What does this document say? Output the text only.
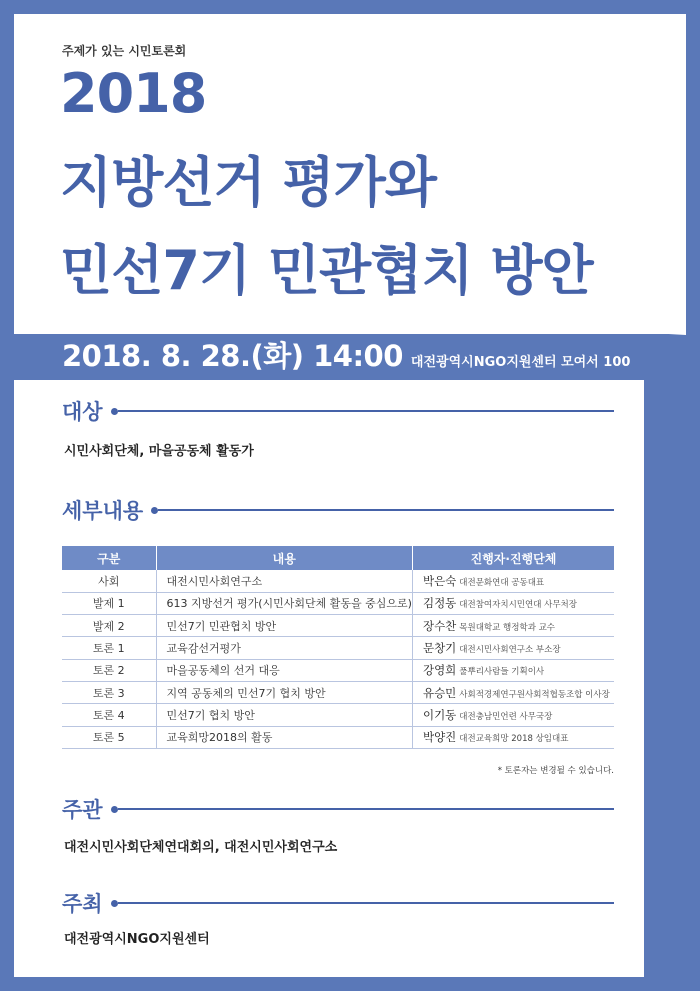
주제가 있는 시민토론회
2018
지방선거 평가와
민선7기 민관협치 방안
2018. 8. 28.(화) 14:00 대전광역시NGO지원센터 모여서 100
대상
시민사회단체, 마을공동체 활동가
세부내용
구분	내용	진행자·진행단체
사회	대전시민사회연구소	박은숙 대전문화연대 공동대표
발제 1	613 지방선거 평가(시민사회단체 활동을 중심으로)	김정동 대전참여자치시민연대 사무처장
발제 2	민선7기 민관협치 방안	장수찬 목원대학교 행정학과 교수
토론 1	교육감선거평가	문창기 대전시민사회연구소 부소장
토론 2	마을공동체의 선거 대응	강영희 풀뿌리사람들 기획이사
토론 3	지역 공동체의 민선7기 협치 방안	유승민 사회적경제연구원사회적협동조합 이사장
토론 4	민선7기 협치 방안	이기동 대전충남민언련 사무국장
토론 5	교육희망2018의 활동	박양진 대전교육희망 2018 상임대표
* 토론자는 변경될 수 있습니다.
주관
대전시민사회단체연대회의, 대전시민사회연구소
주최
대전광역시NGO지원센터
